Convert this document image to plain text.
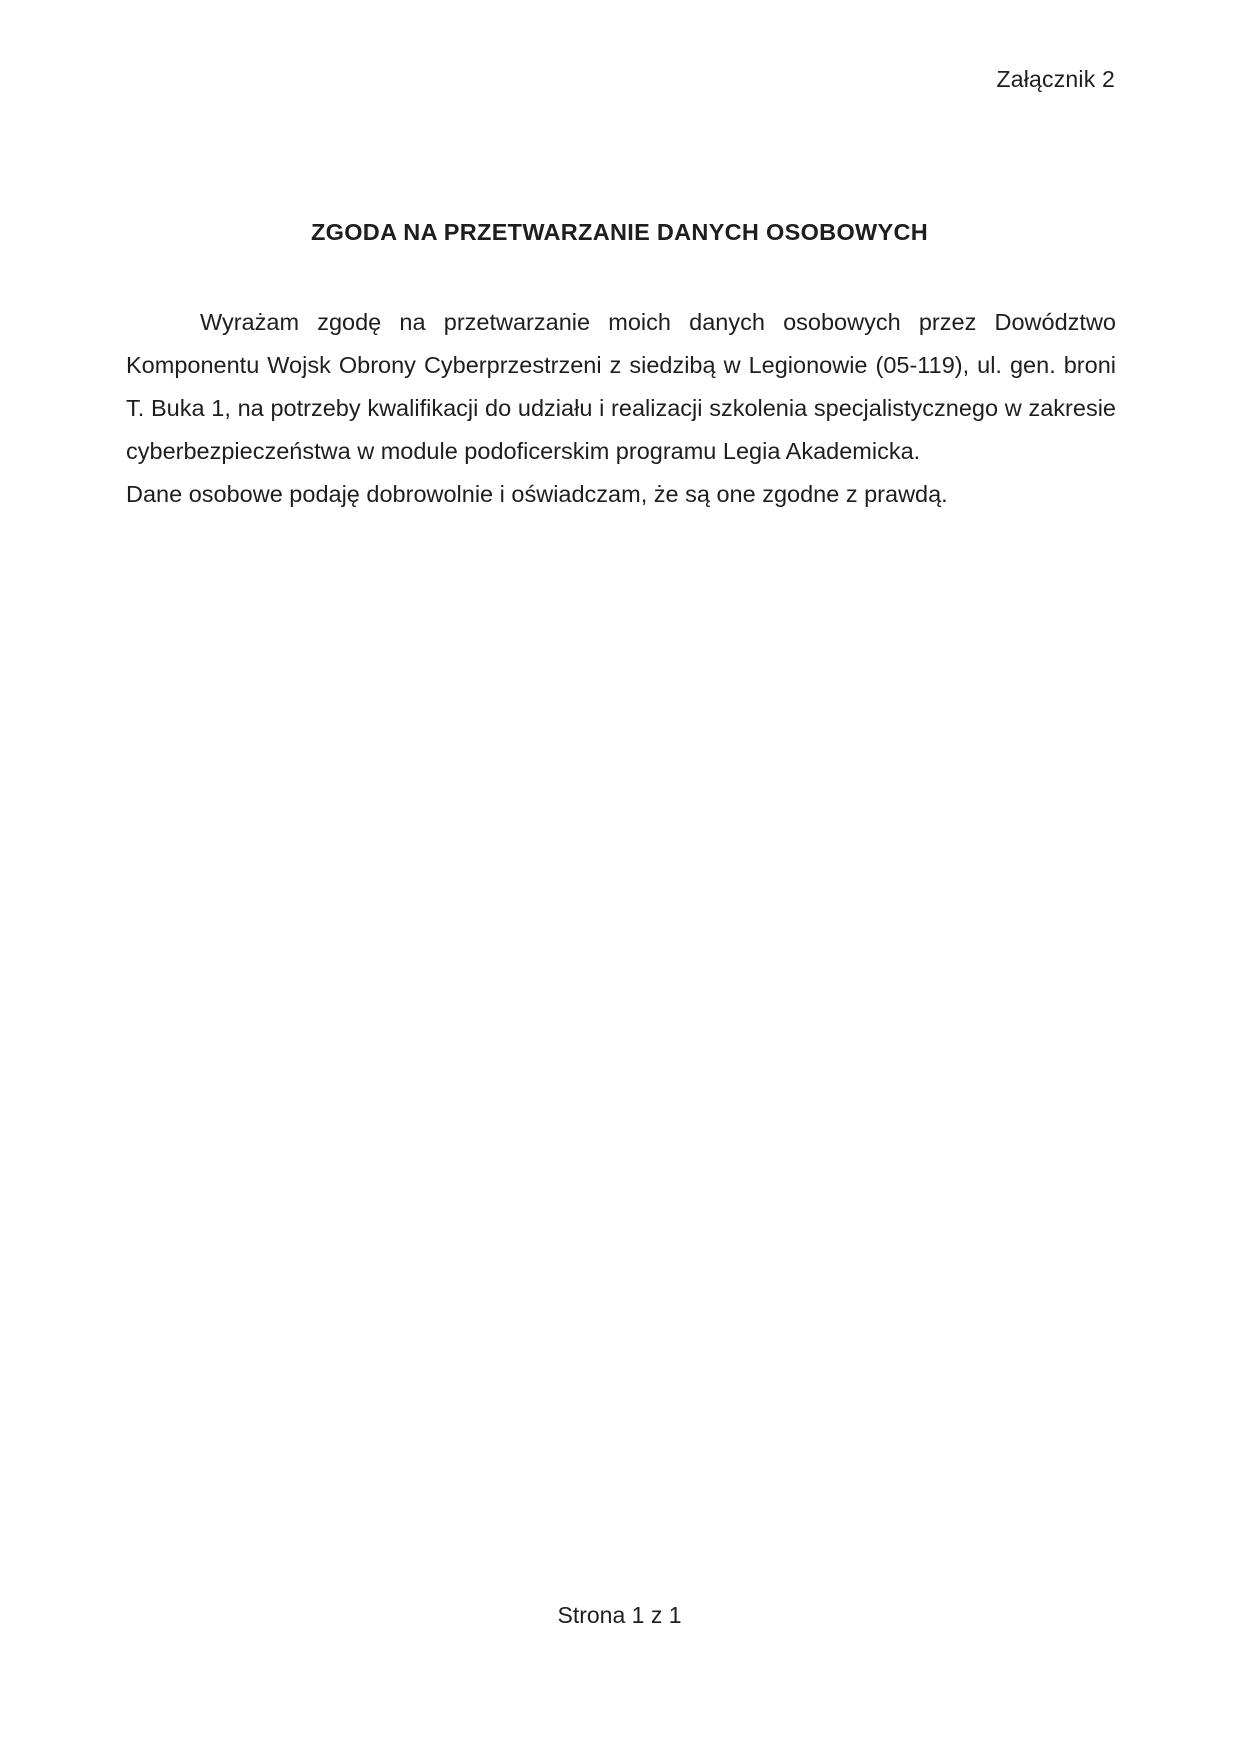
Załącznik 2
ZGODA NA PRZETWARZANIE DANYCH OSOBOWYCH

Wyrażam zgodę na przetwarzanie moich danych osobowych przez Dowództwo Komponentu Wojsk Obrony Cyberprzestrzeni z siedzibą w Legionowie (05-119), ul. gen. broni T. Buka 1, na potrzeby kwalifikacji do udziału i realizacji szkolenia specjalistycznego w zakresie cyberbezpieczeństwa w module podoficerskim programu Legia Akademicka.

Dane osobowe podaję dobrowolnie i oświadczam, że są one zgodne z prawdą.

Strona 1 z 1
